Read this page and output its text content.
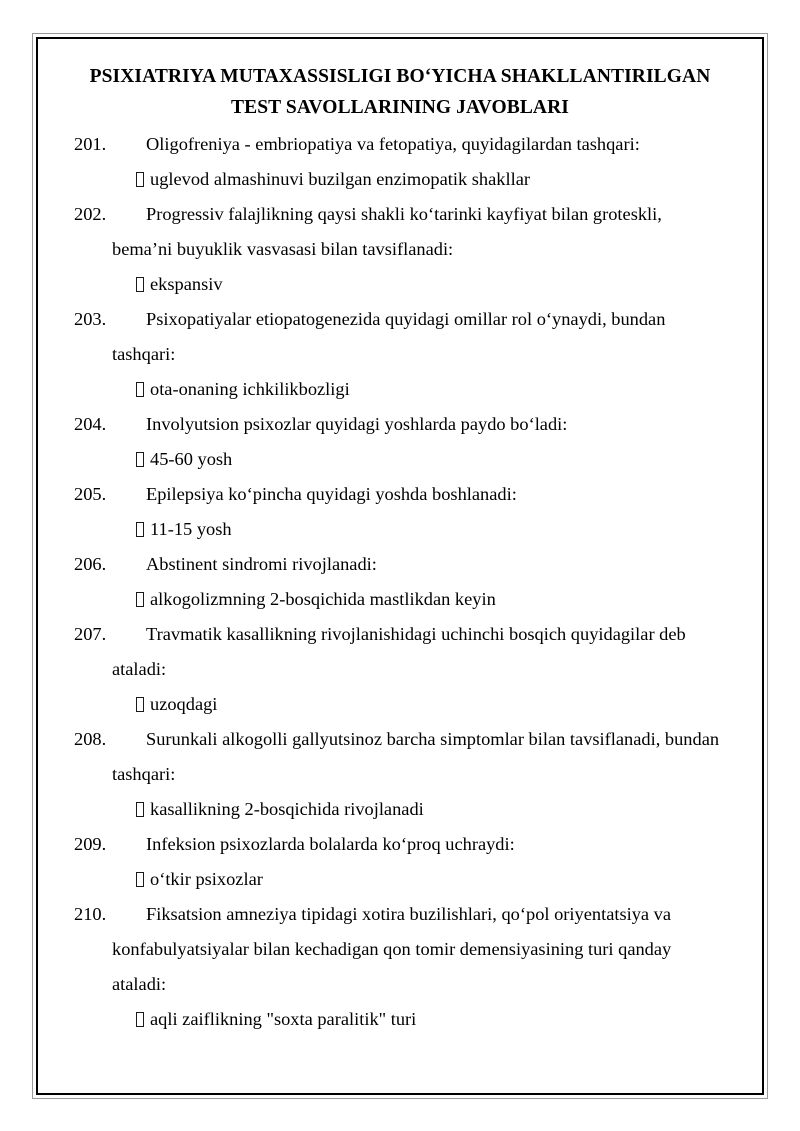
PSIXIATRIYA MUTAXASSISLIGI BO‘YICHA SHAKLLANTIRILGAN
TEST SAVOLLARINING JAVOBLARI

201. Oligofreniya - embriopatiya va fetopatiya, quyidagilardan tashqari:

uglevod almashinuvi buzilgan enzimopatik shakllar

202. Progressiv falajlikning qaysi shakli ko‘tarinki kayfiyat bilan groteskli, bema’ni buyuklik vasvasasi bilan tavsiflanadi:

ekspansiv

203. Psixopatiyalar etiopatogenezida quyidagi omillar rol o‘ynaydi, bundan tashqari:

ota-onaning ichkilikbozligi

204. Involyutsion psixozlar quyidagi yoshlarda paydo bo‘ladi:

45-60 yosh

205. Epilepsiya ko‘pincha quyidagi yoshda boshlanadi:

11-15 yosh

206. Abstinent sindromi rivojlanadi:

alkogolizmning 2-bosqichida mastlikdan keyin

207. Travmatik kasallikning rivojlanishidagi uchinchi bosqich quyidagilar deb ataladi:

uzoqdagi

208. Surunkali alkogolli gallyutsinoz barcha simptomlar bilan tavsiflanadi, bundan tashqari:

kasallikning 2-bosqichida rivojlanadi

209. Infeksion psixozlarda bolalarda ko‘proq uchraydi:

o‘tkir psixozlar

210. Fiksatsion amneziya tipidagi xotira buzilishlari, qo‘pol oriyentatsiya va konfabulyatsiyalar bilan kechadigan qon tomir demensiyasining turi qanday ataladi:

aqli zaiflikning "soxta paralitik" turi
